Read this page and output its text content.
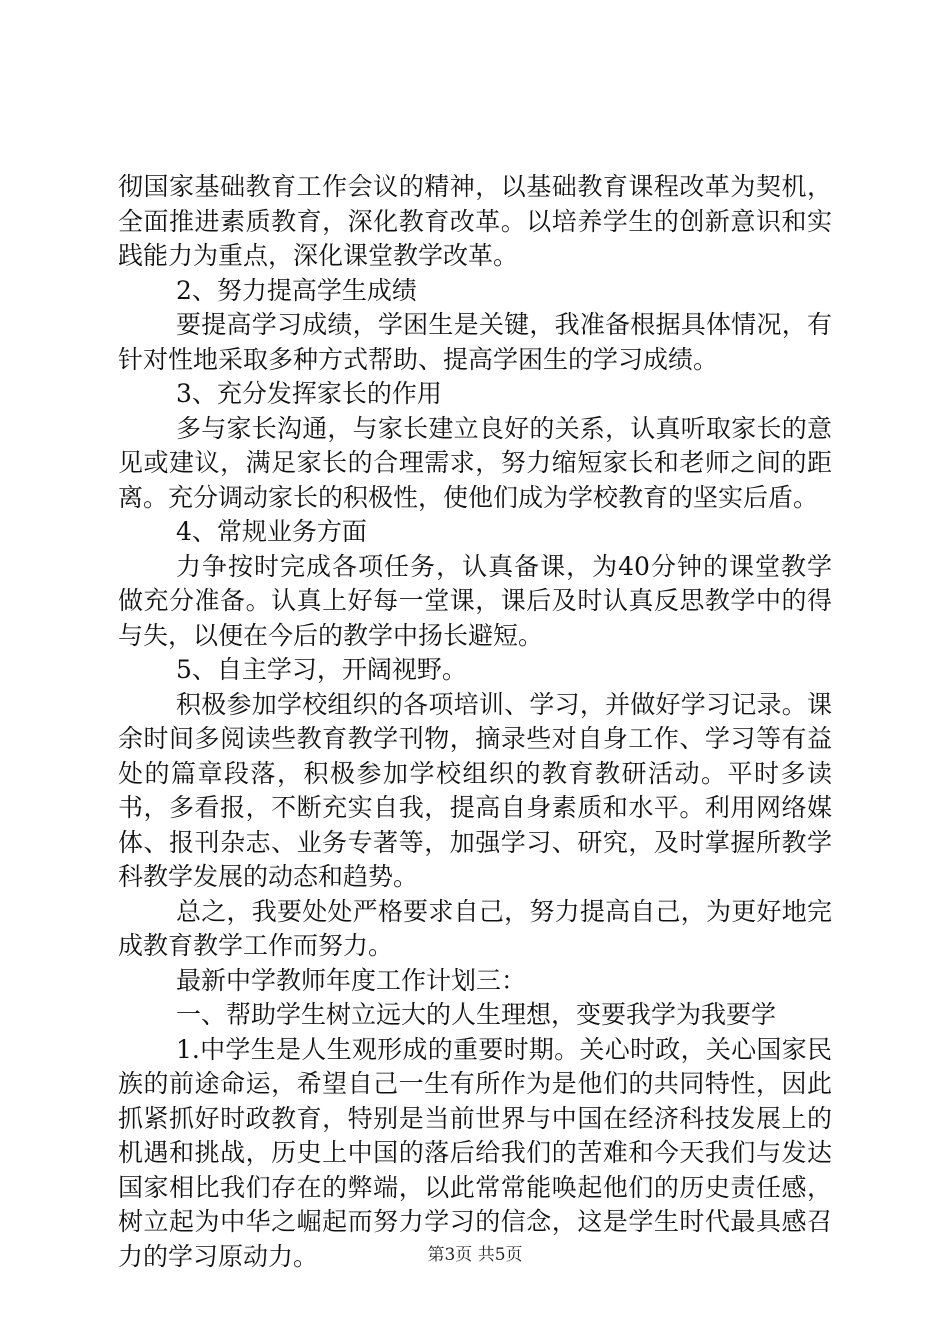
彻国家基础教育工作会议的精神，以基础教育课程改革为契机，全面推进素质教育，深化教育改革。以培养学生的创新意识和实践能力为重点，深化课堂教学改革。

2、努力提高学生成绩

要提高学习成绩，学困生是关键，我准备根据具体情况，有针对性地采取多种方式帮助、提高学困生的学习成绩。

3、充分发挥家长的作用

多与家长沟通，与家长建立良好的关系，认真听取家长的意见或建议，满足家长的合理需求，努力缩短家长和老师之间的距离。充分调动家长的积极性，使他们成为学校教育的坚实后盾。

4、常规业务方面

力争按时完成各项任务，认真备课，为40分钟的课堂教学做充分准备。认真上好每一堂课，课后及时认真反思教学中的得与失，以便在今后的教学中扬长避短。

5、自主学习，开阔视野。

积极参加学校组织的各项培训、学习，并做好学习记录。课余时间多阅读些教育教学刊物，摘录些对自身工作、学习等有益处的篇章段落，积极参加学校组织的教育教研活动。平时多读书，多看报，不断充实自我，提高自身素质和水平。利用网络媒体、报刊杂志、业务专著等，加强学习、研究，及时掌握所教学科教学发展的动态和趋势。

总之，我要处处严格要求自己，努力提高自己，为更好地完成教育教学工作而努力。

最新中学教师年度工作计划三：

一、帮助学生树立远大的人生理想，变要我学为我要学

1.中学生是人生观形成的重要时期。关心时政，关心国家民族的前途命运，希望自己一生有所作为是他们的共同特性，因此抓紧抓好时政教育，特别是当前世界与中国在经济科技发展上的机遇和挑战，历史上中国的落后给我们的苦难和今天我们与发达国家相比我们存在的弊端，以此常常能唤起他们的历史责任感，树立起为中华之崛起而努力学习的信念，这是学生时代最具感召力的学习原动力。	第3页 共5页
